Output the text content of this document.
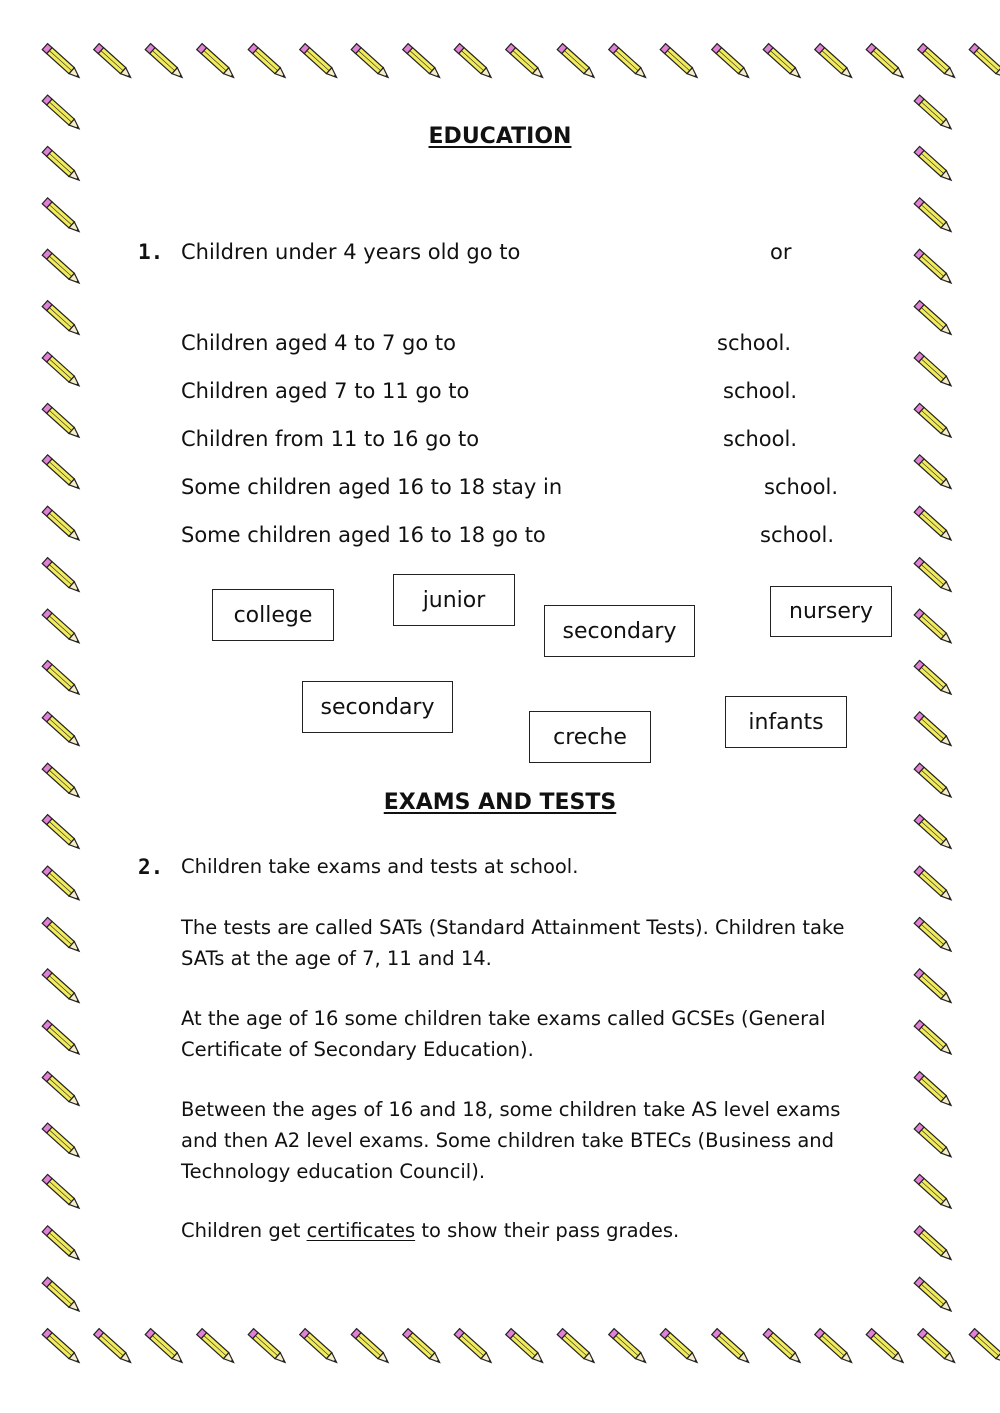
EDUCATION
1. Children under 4 years old go to	or
Children aged 4 to 7 go to	school.
Children aged 7 to 11 go to	school.
Children from 11 to 16 go to	school.
Some children aged 16 to 18 stay in	school.
Some children aged 16 to 18 go to	school.
college
junior
secondary
nursery
secondary
creche
infants
EXAMS AND TESTS
2. Children take exams and tests at school.

The tests are called SATs (Standard Attainment Tests). Children take SATs at the age of 7, 11 and 14.

At the age of 16 some children take exams called GCSEs (General Certificate of Secondary Education).

Between the ages of 16 and 18, some children take AS level exams and then A2 level exams. Some children take BTECs (Business and Technology education Council).

Children get certificates to show their pass grades.
